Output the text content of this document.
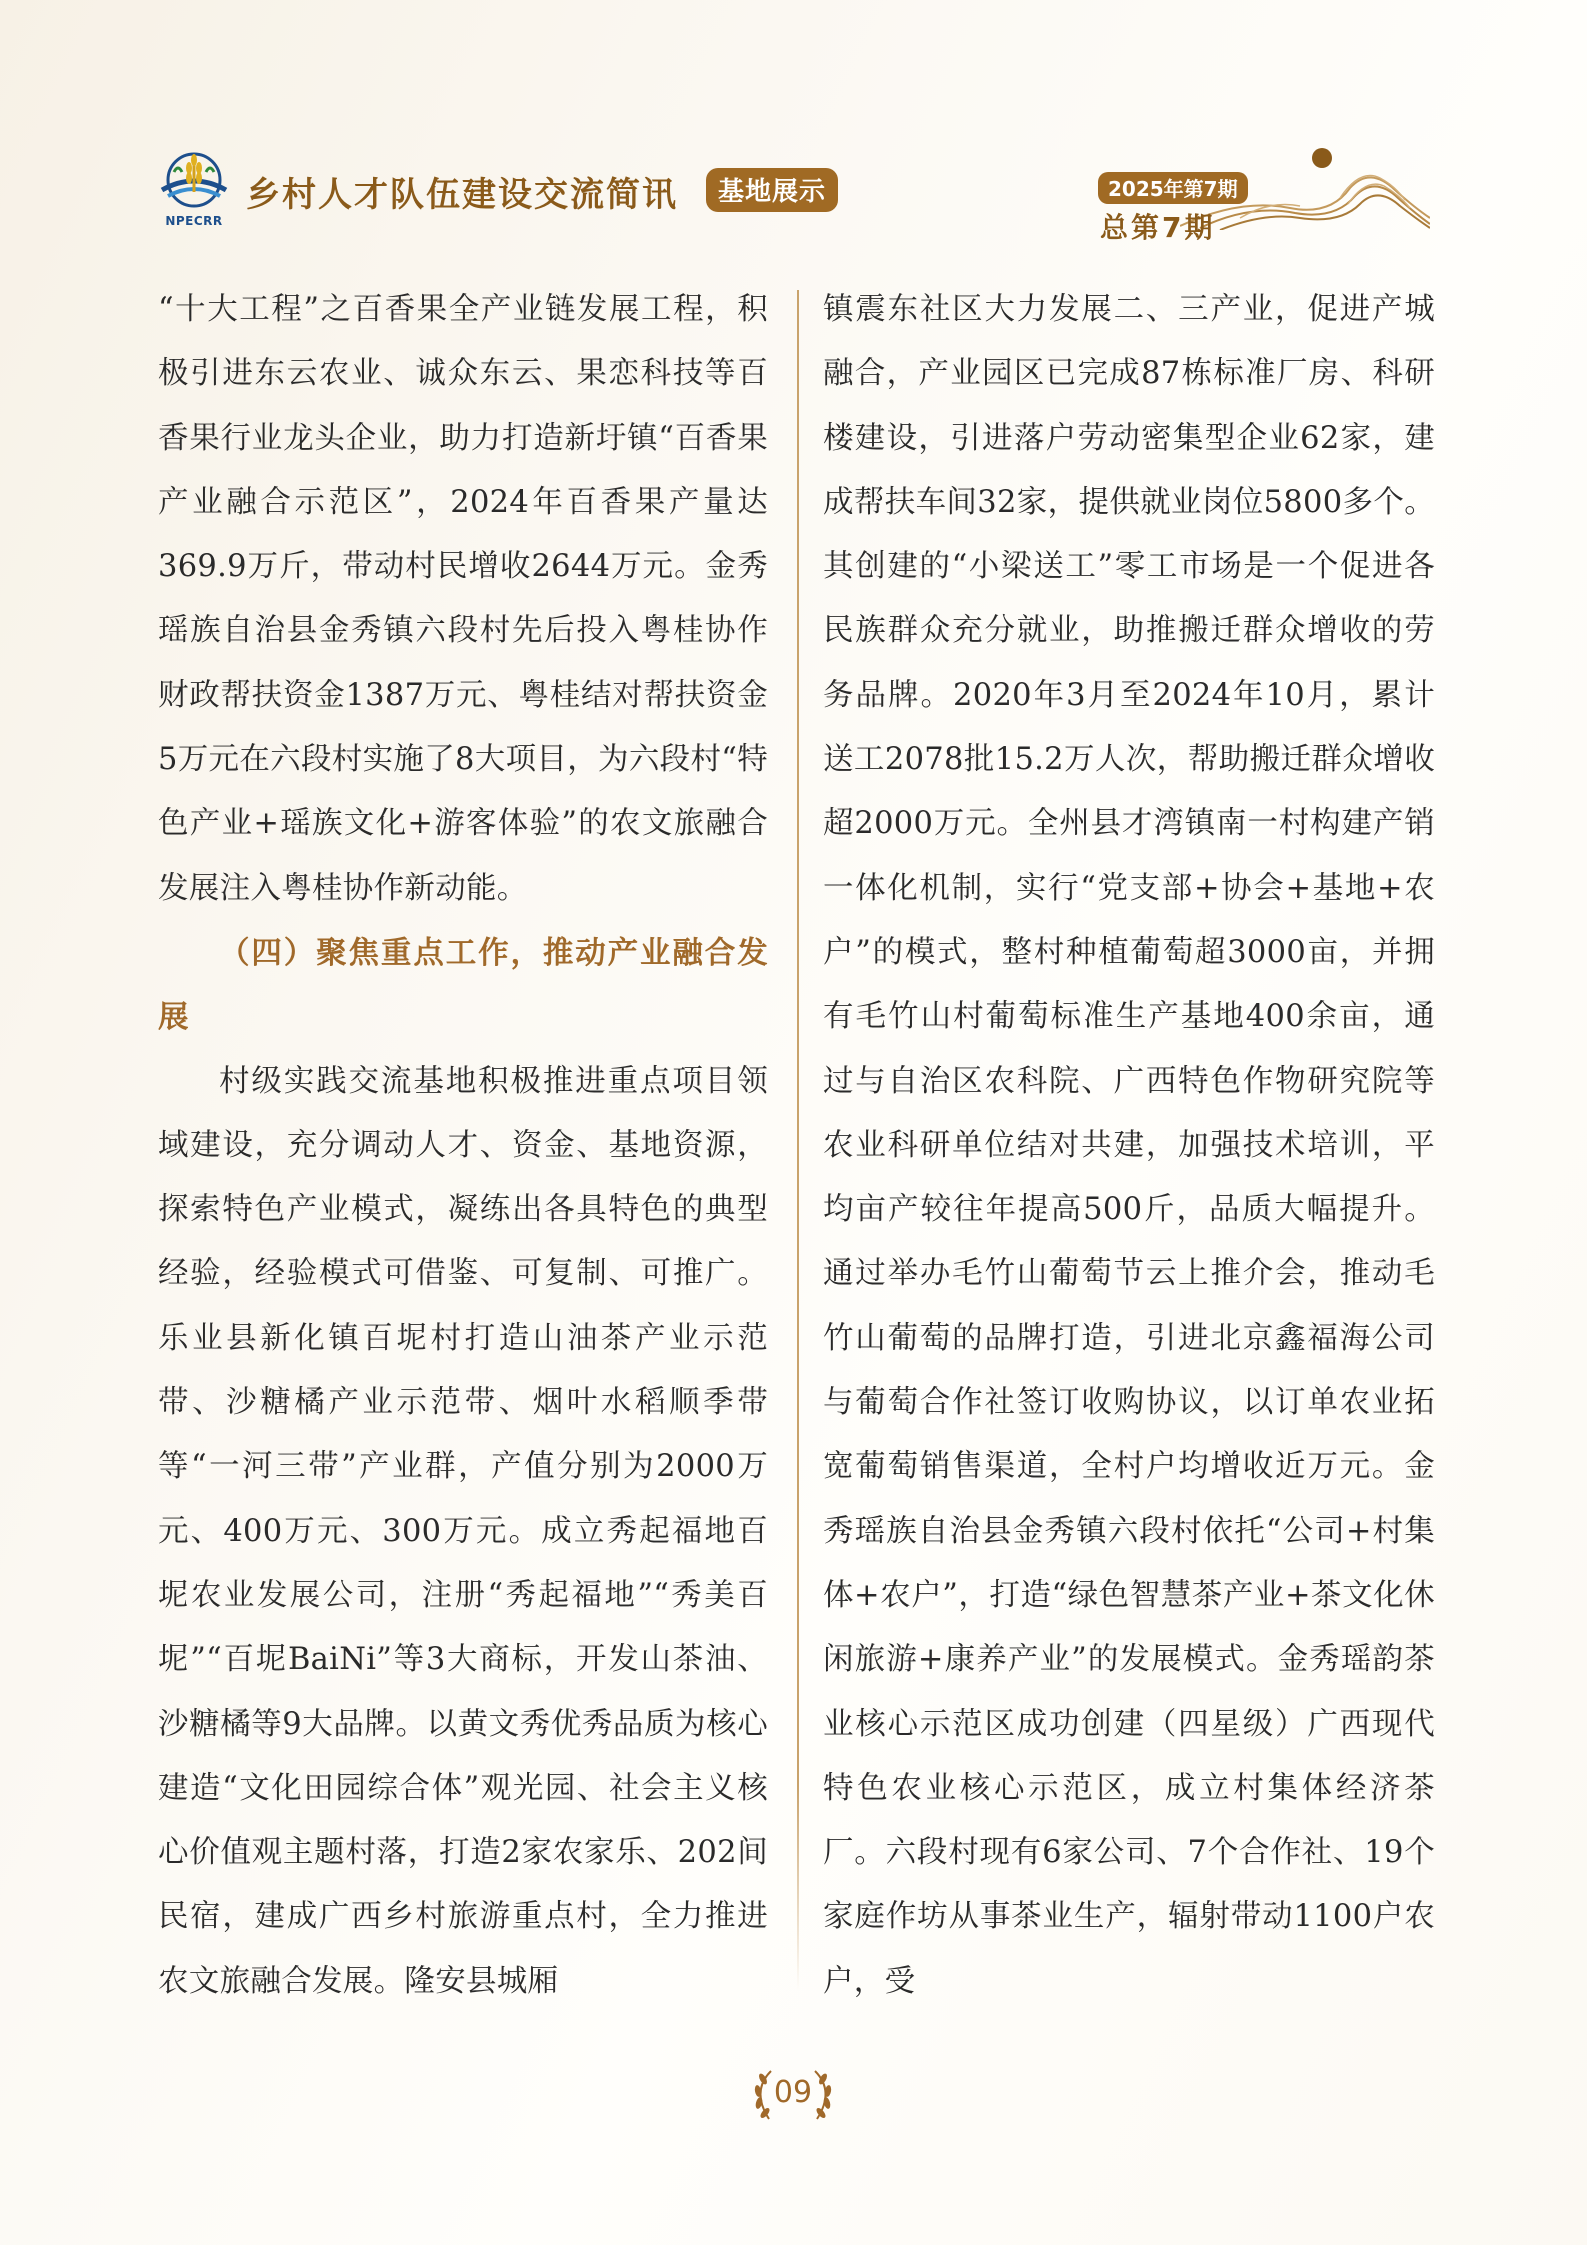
NPECRR
乡村人才队伍建设交流简讯	基地展示	2025年第7期
总第7期

“十大工程”之百香果全产业链发展工程，积极引进东云农业、诚众东云、果恋科技等百香果行业龙头企业，助力打造新圩镇“百香果产业融合示范区”，2024年百香果产量达369.9万斤，带动村民增收2644万元。金秀瑶族自治县金秀镇六段村先后投入粤桂协作财政帮扶资金1387万元、粤桂结对帮扶资金5万元在六段村实施了8大项目，为六段村“特色产业+瑶族文化+游客体验”的农文旅融合发展注入粤桂协作新动能。

（四）聚焦重点工作，推动产业融合发展

村级实践交流基地积极推进重点项目领域建设，充分调动人才、资金、基地资源，探索特色产业模式，凝练出各具特色的典型经验，经验模式可借鉴、可复制、可推广。乐业县新化镇百坭村打造山油茶产业示范带、沙糖橘产业示范带、烟叶水稻顺季带等“一河三带”产业群，产值分别为2000万元、400万元、300万元。成立秀起福地百坭农业发展公司，注册“秀起福地”“秀美百坭”“百坭BaiNi”等3大商标，开发山茶油、沙糖橘等9大品牌。以黄文秀优秀品质为核心建造“文化田园综合体”观光园、社会主义核心价值观主题村落，打造2家农家乐、202间民宿，建成广西乡村旅游重点村，全力推进农文旅融合发展。隆安县城厢

镇震东社区大力发展二、三产业，促进产城融合，产业园区已完成87栋标准厂房、科研楼建设，引进落户劳动密集型企业62家，建成帮扶车间32家，提供就业岗位5800多个。其创建的“小梁送工”零工市场是一个促进各民族群众充分就业，助推搬迁群众增收的劳务品牌。2020年3月至2024年10月，累计送工2078批15.2万人次，帮助搬迁群众增收超2000万元。全州县才湾镇南一村构建产销一体化机制，实行“党支部+协会+基地+农户”的模式，整村种植葡萄超3000亩，并拥有毛竹山村葡萄标准生产基地400余亩，通过与自治区农科院、广西特色作物研究院等农业科研单位结对共建，加强技术培训，平均亩产较往年提高500斤，品质大幅提升。通过举办毛竹山葡萄节云上推介会，推动毛竹山葡萄的品牌打造，引进北京鑫福海公司与葡萄合作社签订收购协议，以订单农业拓宽葡萄销售渠道，全村户均增收近万元。金秀瑶族自治县金秀镇六段村依托“公司+村集体+农户”，打造“绿色智慧茶产业+茶文化休闲旅游+康养产业”的发展模式。金秀瑶韵茶业核心示范区成功创建（四星级）广西现代特色农业核心示范区，成立村集体经济茶厂。六段村现有6家公司、7个合作社、19个家庭作坊从事茶业生产，辐射带动1100户农户，受

09
